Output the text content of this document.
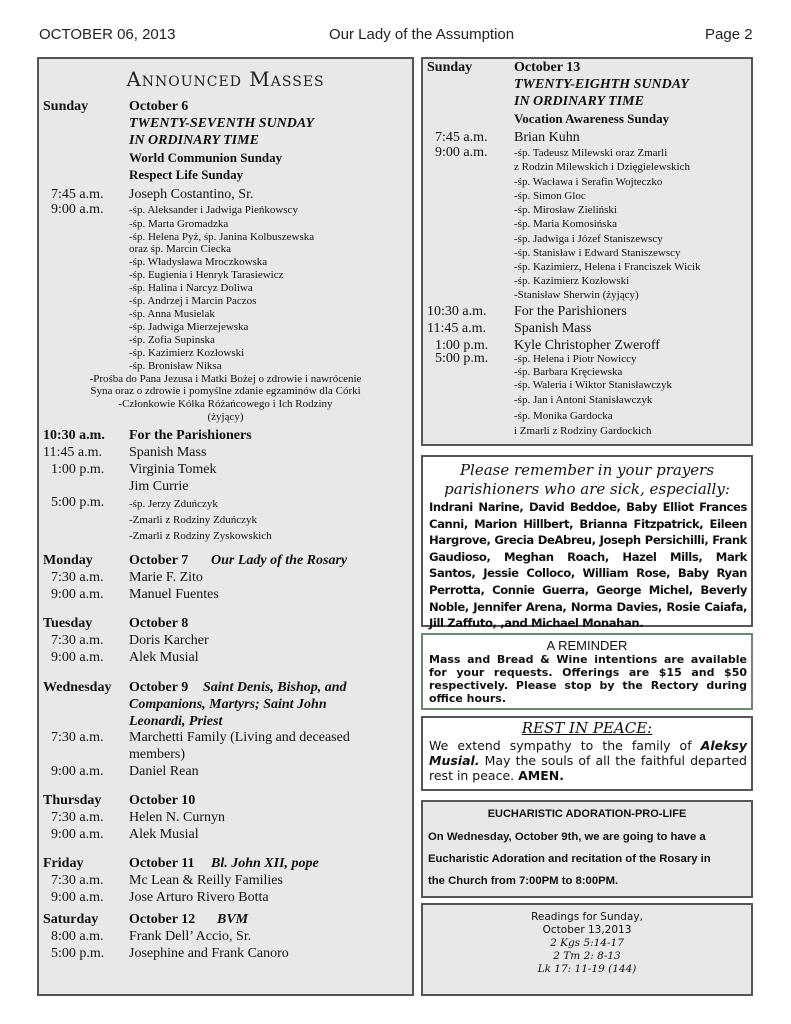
OCTOBER 06, 2013	Our Lady of the Assumption	Page 2
Announced Masses
Sunday	October 6
TWENTY-SEVENTH SUNDAY
IN ORDINARY TIME
World Communion Sunday
Respect Life Sunday
7:45 a.m. Joseph Costantino, Sr.
9:00 a.m. -śp. Aleksander i Jadwiga Pieńkowscy
-śp. Marta Gromadzka
-śp. Helena Pyż, śp. Janina Kolbuszewska
oraz śp. Marcin Ciecka
-śp. Władysława Mroczkowska
-śp. Eugienia i Henryk Tarasiewicz
-śp. Halina i Narcyz Doliwa
-śp. Andrzej i Marcin Paczos
-śp. Anna Musielak
-śp. Jadwiga Mierzejewska
-śp. Zofia Supinska
-śp. Kazimierz Kozłowski
-śp. Bronisław Niksa
-Prośba do Pana Jezusa i Matki Bożej o zdrowie i nawrócenie
Syna oraz o zdrowie i pomyślne zdanie egzaminów dla Córki
-Członkowie Kółka Różańcowego i Ich Rodziny
(żyjący)
10:30 a.m. For the Parishioners
11:45 a.m. Spanish Mass
1:00 p.m. Virginia Tomek
Jim Currie
5:00 p.m. -śp. Jerzy Zduńczyk
-Zmarli z Rodziny Zduńczyk
-Zmarli z Rodziny Zyskowskich
Monday	October 7 Our Lady of the Rosary
7:30 a.m. Marie F. Zito
9:00 a.m. Manuel Fuentes
Tuesday	October 8
7:30 a.m. Doris Karcher
9:00 a.m. Alek Musial
Wednesday October 9 Saint Denis, Bishop, and
Companions, Martyrs; Saint John
Leonardi, Priest
7:30 a.m. Marchetti Family (Living and deceased
members)
9:00 a.m. Daniel Rean
Thursday October 10
7:30 a.m. Helen N. Curnyn
9:00 a.m. Alek Musial
Friday	October 11 Bl. John XII, pope
7:30 a.m. Mc Lean & Reilly Families
9:00 a.m. Jose Arturo Rivero Botta
Saturday October 12 BVM
8:00 a.m. Frank Dell’ Accio, Sr.
5:00 p.m. Josephine and Frank Canoro
Sunday	October 13
TWENTY-EIGHTH SUNDAY
IN ORDINARY TIME
Vocation Awareness Sunday
7:45 a.m. Brian Kuhn
9:00 a.m. -śp. Tadeusz Milewski oraz Zmarli
z Rodzin Milewskich i Dzięgielewskich
-śp. Wacława i Serafin Wojteczko
-śp. Simon Gloc
-śp. Mirosław Zieliński
-śp. Maria Komosińska
-śp. Jadwiga i Józef Staniszewscy
-śp. Stanisław i Edward Staniszewscy
-śp. Kazimierz, Helena i Franciszek Wicik
-śp. Kazimierz Kozłowski
-Stanisław Sherwin (żyjący)
10:30 a.m. For the Parishioners
11:45 a.m. Spanish Mass
1:00 p.m. Kyle Christopher Zweroff
5:00 p.m. -śp. Helena i Piotr Nowiccy
-śp. Barbara Kręciewska
-śp. Waleria i Wiktor Stanisławczyk
-śp. Jan i Antoni Stanisławczyk
-śp. Monika Gardocka
i Zmarli z Rodziny Gardockich
Please remember in your prayers
parishioners who are sick, especially:
Indrani Narine, David Beddoe, Baby Elliot Frances Canni, Marion Hillbert, Brianna Fitzpatrick, Eileen Hargrove, Grecia DeAbreu, Joseph Persichilli, Frank Gaudioso, Meghan Roach, Hazel Mills, Mark Santos, Jessie Colloco, William Rose, Baby Ryan Perrotta, Connie Guerra, George Michel, Beverly Noble, Jennifer Arena, Norma Davies, Rosie Caiafa, Jill Zaffuto, ,and Michael Monahan.
A REMINDER
Mass and Bread & Wine intentions are available for your requests. Offerings are $15 and $50 respectively. Please stop by the Rectory during office hours.
REST IN PEACE:
We extend sympathy to the family of Aleksy Musial. May the souls of all the faithful departed rest in peace. AMEN.
EUCHARISTIC ADORATION-PRO-LIFE
On Wednesday, October 9th, we are going to have a
Eucharistic Adoration and recitation of the Rosary in
the Church from 7:00PM to 8:00PM.
Readings for Sunday,
October 13,2013
2 Kgs 5:14-17
2 Tm 2: 8-13
Lk 17: 11-19 (144)
